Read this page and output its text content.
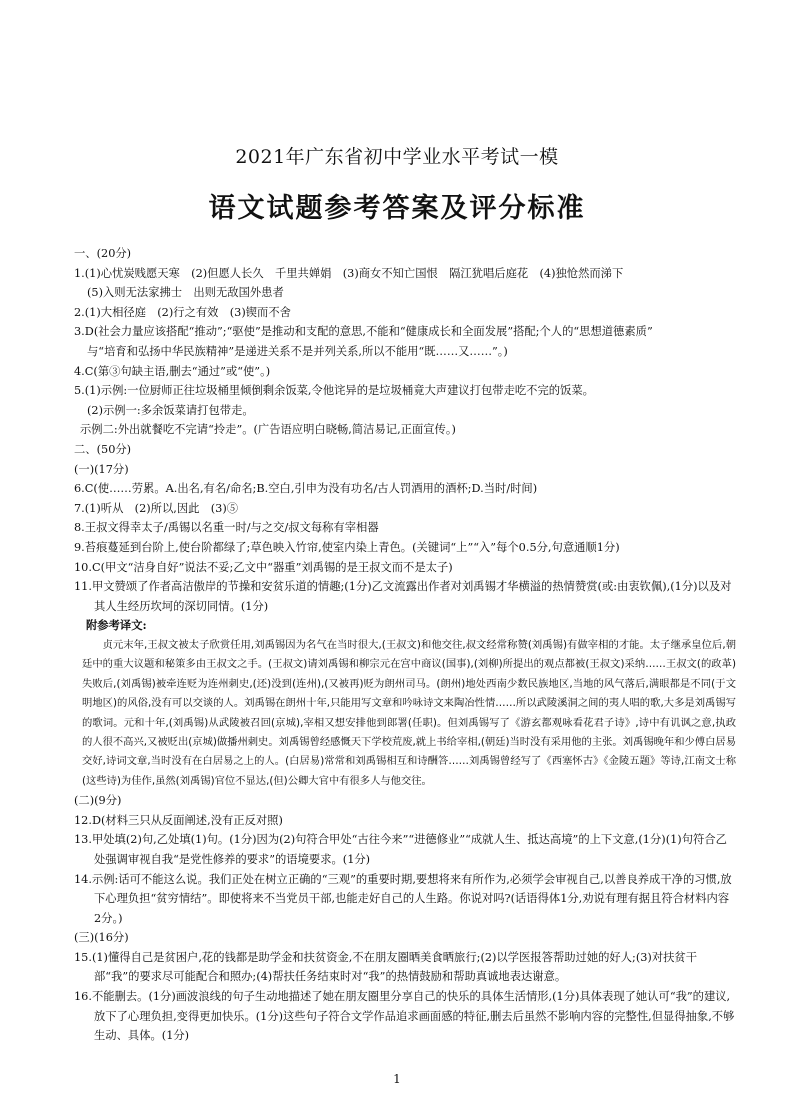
2021年广东省初中学业水平考试一模
语文试题参考答案及评分标准

一、(20分)

1.(1)心忧炭贱愿天寒　(2)但愿人长久　千里共婵娟　(3)商女不知亡国恨　隔江犹唱后庭花　(4)独怆然而涕下

(5)入则无法家拂士　出则无敌国外患者

2.(1)大相径庭　(2)行之有效　(3)锲而不舍

3.D(社会力量应该搭配“推动”;“驱使”是推动和支配的意思,不能和“健康成长和全面发展”搭配;个人的“思想道德素质”

与“培育和弘扬中华民族精神”是递进关系不是并列关系,所以不能用“既……又……”。)

4.C(第③句缺主语,删去“通过”或“使”。)

5.(1)示例:一位厨师正往垃圾桶里倾倒剩余饭菜,令他诧异的是垃圾桶竟大声建议打包带走吃不完的饭菜。

(2)示例一:多余饭菜请打包带走。

示例二:外出就餐吃不完请“拎走”。(广告语应明白晓畅,简洁易记,正面宣传。)

二、(50分)

(一)(17分)

6.C(使……劳累。A.出名,有名/命名;B.空白,引申为没有功名/古人罚酒用的酒杯;D.当时/时间)

7.(1)听从　(2)所以,因此　(3)⑤

8.王叔文得幸太子/禹锡以名重一时/与之交/叔文每称有宰相器

9.苔痕蔓延到台阶上,使台阶都绿了;草色映入竹帘,使室内染上青色。(关键词“上”“入”每个0.5分,句意通顺1分)

10.C(甲文“洁身自好”说法不妥;乙文中“器重”刘禹锡的是王叔文而不是太子)

11.甲文赞颂了作者高洁傲岸的节操和安贫乐道的情趣;(1分)乙文流露出作者对刘禹锡才华横溢的热情赞赏(或:由衷钦佩),(1分)以及对其人生经历坎坷的深切同情。(1分)

附参考译文:

贞元末年,王叔文被太子欣赏任用,刘禹锡因为名气在当时很大,(王叔文)和他交往,叔文经常称赞(刘禹锡)有做宰相的才能。太子继承皇位后,朝廷中的重大议题和秘策多由王叔文之手。(王叔文)请刘禹锡和柳宗元在宫中商议(国事),(刘柳)所提出的观点都被(王叔文)采纳……王叔文(的政革)失败后,(刘禹锡)被牵连贬为连州刺史,(还)没到(连州),(又被再)贬为朗州司马。(朗州)地处西南少数民族地区,当地的风气落后,满眼都是不同(于文明地区)的风俗,没有可以交谈的人。刘禹锡在朗州十年,只能用写文章和吟咏诗文来陶冶性情……所以武陵溪洞之间的夷人唱的歌,大多是刘禹锡写的歌词。元和十年,(刘禹锡)从武陵被召回(京城),宰相又想安排他到郎署(任职)。但刘禹锡写了《游玄都观咏看花君子诗》,诗中有讥讽之意,执政的人很不高兴,又被贬出(京城)做播州刺史。刘禹锡曾经感慨天下学校荒废,就上书给宰相,(朝廷)当时没有采用他的主张。刘禹锡晚年和少傅白居易交好,诗词文章,当时没有在白居易之上的人。(白居易)常常和刘禹锡相互和诗酬答……刘禹锡曾经写了《西塞怀古》《金陵五题》等诗,江南文士称(这些诗)为佳作,虽然(刘禹锡)官位不显达,(但)公卿大官中有很多人与他交往。

(二)(9分)

12.D(材料三只从反面阐述,没有正反对照)

13.甲处填(2)句,乙处填(1)句。(1分)因为(2)句符合甲处“古往今来”“进德修业”“成就人生、抵达高境”的上下文意,(1分)(1)句符合乙处强调审视自我“是党性修养的要求”的语境要求。(1分)

14.示例:话可不能这么说。我们正处在树立正确的“三观”的重要时期,要想将来有所作为,必须学会审视自己,以善良养成干净的习惯,放下心理负担“贫穷情结”。即使将来不当党员干部,也能走好自己的人生路。你说对吗?(话语得体1分,劝说有理有据且符合材料内容2分。)

(三)(16分)

15.(1)懂得自己是贫困户,花的钱都是助学金和扶贫资金,不在朋友圈晒美食晒旅行;(2)以学医报答帮助过她的好人;(3)对扶贫干部“我”的要求尽可能配合和照办;(4)帮扶任务结束时对“我”的热情鼓励和帮助真诚地表达谢意。

16.不能删去。(1分)画波浪线的句子生动地描述了她在朋友圈里分享自己的快乐的具体生活情形,(1分)具体表现了她认可“我”的建议,放下了心理负担,变得更加快乐。(1分)这些句子符合文学作品追求画面感的特征,删去后虽然不影响内容的完整性,但显得抽象,不够生动、具体。(1分)

1
